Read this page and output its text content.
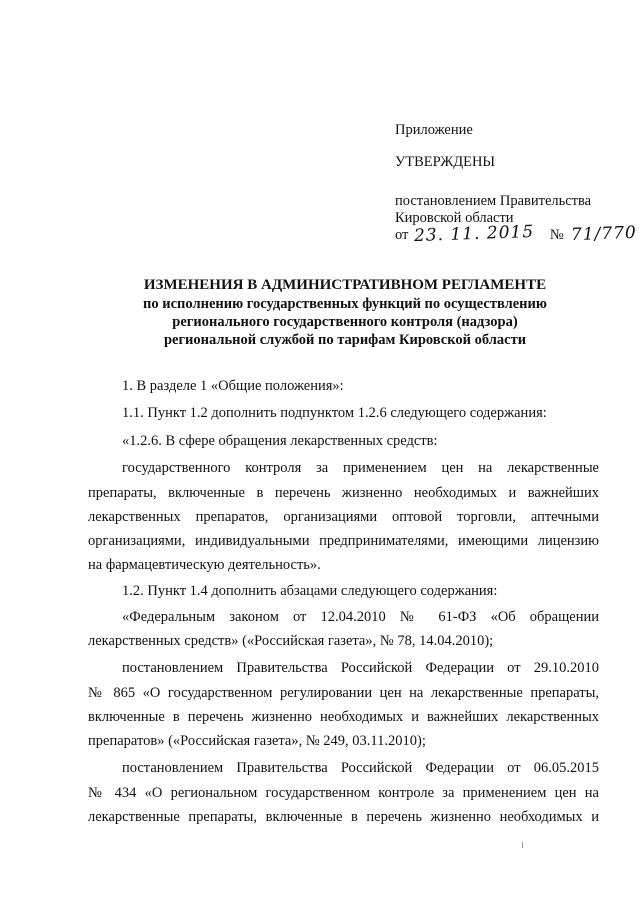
Приложение
УТВЕРЖДЕНЫ
постановлением Правительства
Кировской области
от 23. 11. 2015 № 71/770
ИЗМЕНЕНИЯ В АДМИНИСТРАТИВНОМ РЕГЛАМЕНТЕ
по исполнению государственных функций по осуществлению
регионального государственного контроля (надзора)
региональной службой по тарифам Кировской области
1. В разделе 1 «Общие положения»:
1.1. Пункт 1.2 дополнить подпунктом 1.2.6 следующего содержания:
«1.2.6. В сфере обращения лекарственных средств:
государственного контроля за применением цен на лекарственные
препараты, включенные в перечень жизненно необходимых и важнейших
лекарственных препаратов, организациями оптовой торговли, аптечными
организациями, индивидуальными предпринимателями, имеющими лицензию
на фармацевтическую деятельность».
1.2. Пункт 1.4 дополнить абзацами следующего содержания:
«Федеральным законом от 12.04.2010 № 61-ФЗ «Об обращении
лекарственных средств» («Российская газета», № 78, 14.04.2010);
постановлением Правительства Российской Федерации от 29.10.2010
№ 865 «О государственном регулировании цен на лекарственные препараты,
включенные в перечень жизненно необходимых и важнейших лекарственных
препаратов» («Российская газета», № 249, 03.11.2010);
постановлением Правительства Российской Федерации от 06.05.2015
№ 434 «О региональном государственном контроле за применением цен на
лекарственные препараты, включенные в перечень жизненно необходимых и
